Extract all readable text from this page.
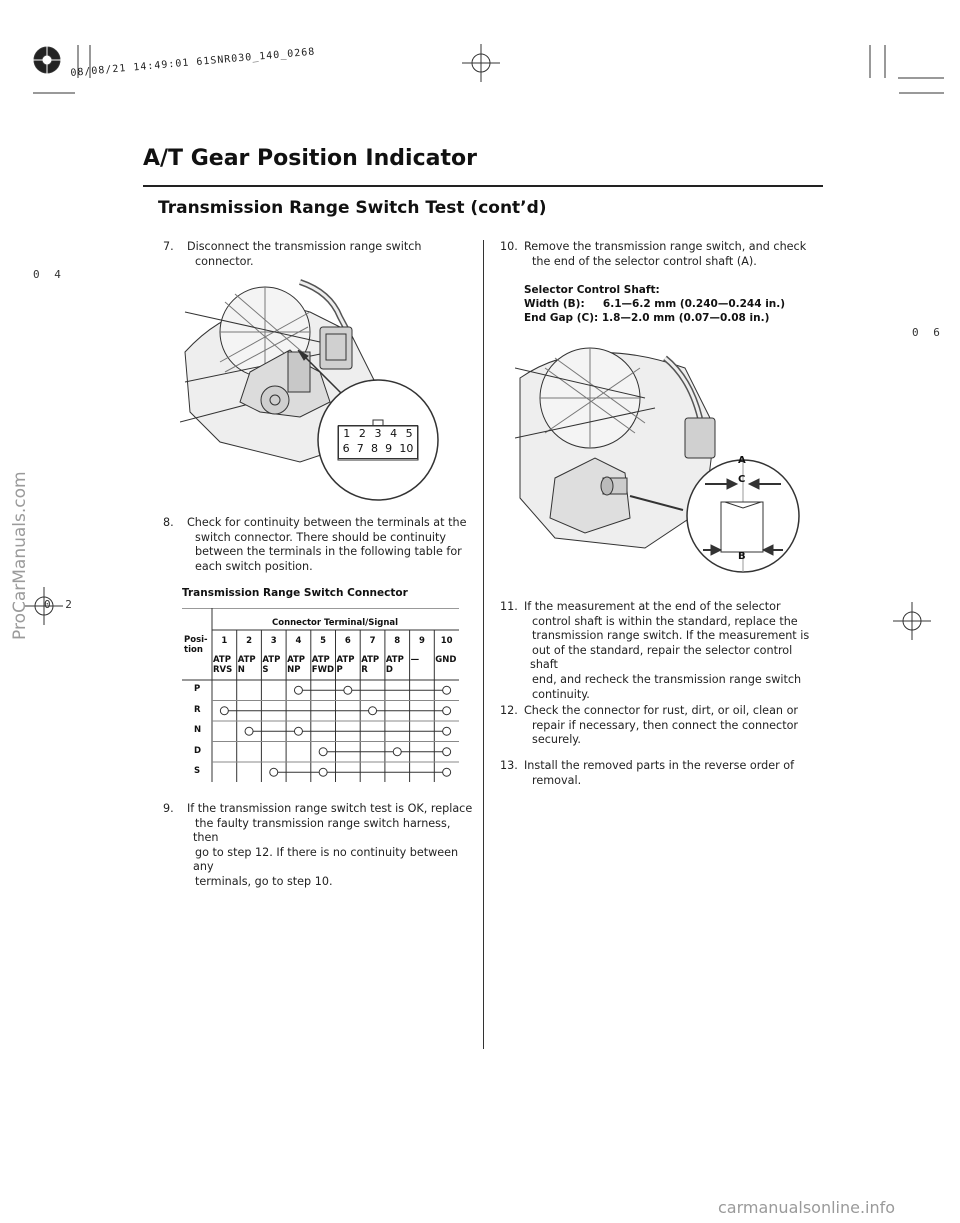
08/08/21 14:49:01 61SNR030_140_0268
0 4
0 6
0 2
A/T Gear Position Indicator
Transmission Range Switch Test (cont’d)
7. Disconnect the transmission range switch
connector.
1 2 3 4 5
6 7 8 9 10
8. Check for continuity between the terminals at the
switch connector. There should be continuity
between the terminals in the following table for
each switch position.
Transmission Range Switch Connector
Connector Terminal/Signal
Posi-
tion
1
ATP
RVS
2
ATP
N
3
ATP
S
4
ATP
NP
5
ATP
FWD
6
ATP
P
7
ATP
R
8
ATP
D
9
—
10
GND
P
R
N
D
S
9. If the transmission range switch test is OK, replace
the faulty transmission range switch harness, then
go to step 12. If there is no continuity between any
terminals, go to step 10.
10. Remove the transmission range switch, and check
the end of the selector control shaft (A).
Selector Control Shaft:
Width (B):     6.1—6.2 mm (0.240—0.244 in.)
End Gap (C): 1.8—2.0 mm (0.07—0.08 in.)
A
C
B
11. If the measurement at the end of the selector
control shaft is within the standard, replace the
transmission range switch. If the measurement is
out of the standard, repair the selector control shaft
end, and recheck the transmission range switch
continuity.
12. Check the connector for rust, dirt, or oil, clean or
repair if necessary, then connect the connector
securely.
13. Install the removed parts in the reverse order of
removal.
ProCarManuals.com
carmanualsonline.info
